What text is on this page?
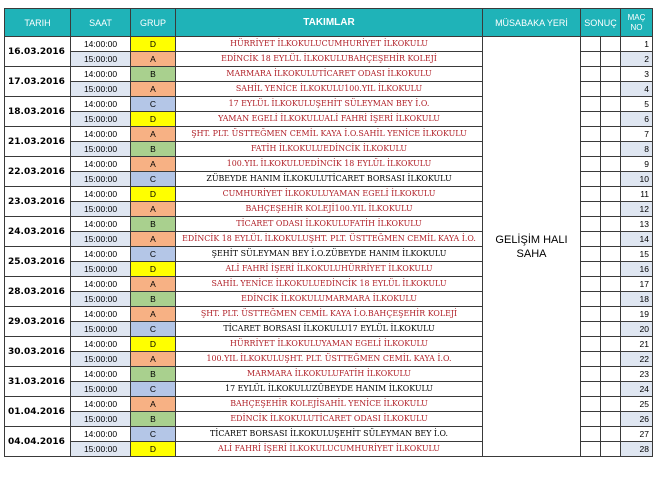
TARIH	SAAT	GRUP	TAKIMLAR	MÜSABAKA YERİ	SONUÇ		MAÇ NO
16.03.2016	14:00:00	D	HÜRRİYET İLKOKULUCUMHURİYET İLKOKULU	GELİŞİM HALI SAHA			1
	15:00:00	A	EDİNCİK 18 EYLÜL İLKOKULUBAHÇEŞEHİR KOLEJİ				2
17.03.2016	14:00:00	B	MARMARA İLKOKULUTİCARET ODASI İLKOKULU				3
	15:00:00	A	SAHİL YENİCE İLKOKULU100.YIL İLKOKULU				4
18.03.2016	14:00:00	C	17 EYLÜL İLKOKULUŞEHİT SÜLEYMAN BEY İ.O.				5
	15:00:00	D	YAMAN EGELİ İLKOKULUALİ FAHRİ İŞERİ İLKOKULU				6
21.03.2016	14:00:00	A	ŞHT. PLT. ÜSTTEĞMEN CEMİL KAYA İ.O.SAHİL YENİCE İLKOKULU				7
	15:00:00	B	FATİH İLKOKULUEDİNCİK İLKOKULU				8
22.03.2016	14:00:00	A	100.YIL İLKOKULUEDİNCİK 18 EYLÜL İLKOKULU				9
	15:00:00	C	ZÜBEYDE HANIM İLKOKULUTİCARET BORSASI İLKOKULU				10
23.03.2016	14:00:00	D	CUMHURİYET İLKOKULUYAMAN EGELİ İLKOKULU				11
	15:00:00	A	BAHÇEŞEHİR KOLEJİ100.YIL İLKOKULU				12
24.03.2016	14:00:00	B	TİCARET ODASI İLKOKULUFATİH İLKOKULU				13
	15:00:00	A	EDİNCİK 18 EYLÜL İLKOKULUŞHT. PLT. ÜSTTEĞMEN CEMİL KAYA İ.O.				14
25.03.2016	14:00:00	C	ŞEHİT SÜLEYMAN BEY İ.O.ZÜBEYDE HANIM İLKOKULU				15
	15:00:00	D	ALİ FAHRİ İŞERİ İLKOKULUHÜRRİYET İLKOKULU				16
28.03.2016	14:00:00	A	SAHİL YENİCE İLKOKULUEDİNCİK 18 EYLÜL İLKOKULU				17
	15:00:00	B	EDİNCİK İLKOKULUMARMARA İLKOKULU				18
29.03.2016	14:00:00	A	ŞHT. PLT. ÜSTTEĞMEN CEMİL KAYA İ.O.BAHÇEŞEHİR KOLEJİ				19
	15:00:00	C	TİCARET BORSASI İLKOKULU17 EYLÜL İLKOKULU				20
30.03.2016	14:00:00	D	HÜRRİYET İLKOKULUYAMAN EGELİ İLKOKULU				21
	15:00:00	A	100.YIL İLKOKULUŞHT. PLT. ÜSTTEĞMEN CEMİL KAYA İ.O.				22
31.03.2016	14:00:00	B	MARMARA İLKOKULUFATİH İLKOKULU				23
	15:00:00	C	17 EYLÜL İLKOKULUZÜBEYDE HANIM İLKOKULU				24
01.04.2016	14:00:00	A	BAHÇEŞEHİR KOLEJİSAHİL YENİCE İLKOKULU				25
	15:00:00	B	EDİNCİK İLKOKULUTİCARET ODASI İLKOKULU				26
04.04.2016	14:00:00	C	TİCARET BORSASI İLKOKULUŞEHİT SÜLEYMAN BEY İ.O.				27
	15:00:00	D	ALİ FAHRİ İŞERİ İLKOKULUCUMHURİYET İLKOKULU				28
